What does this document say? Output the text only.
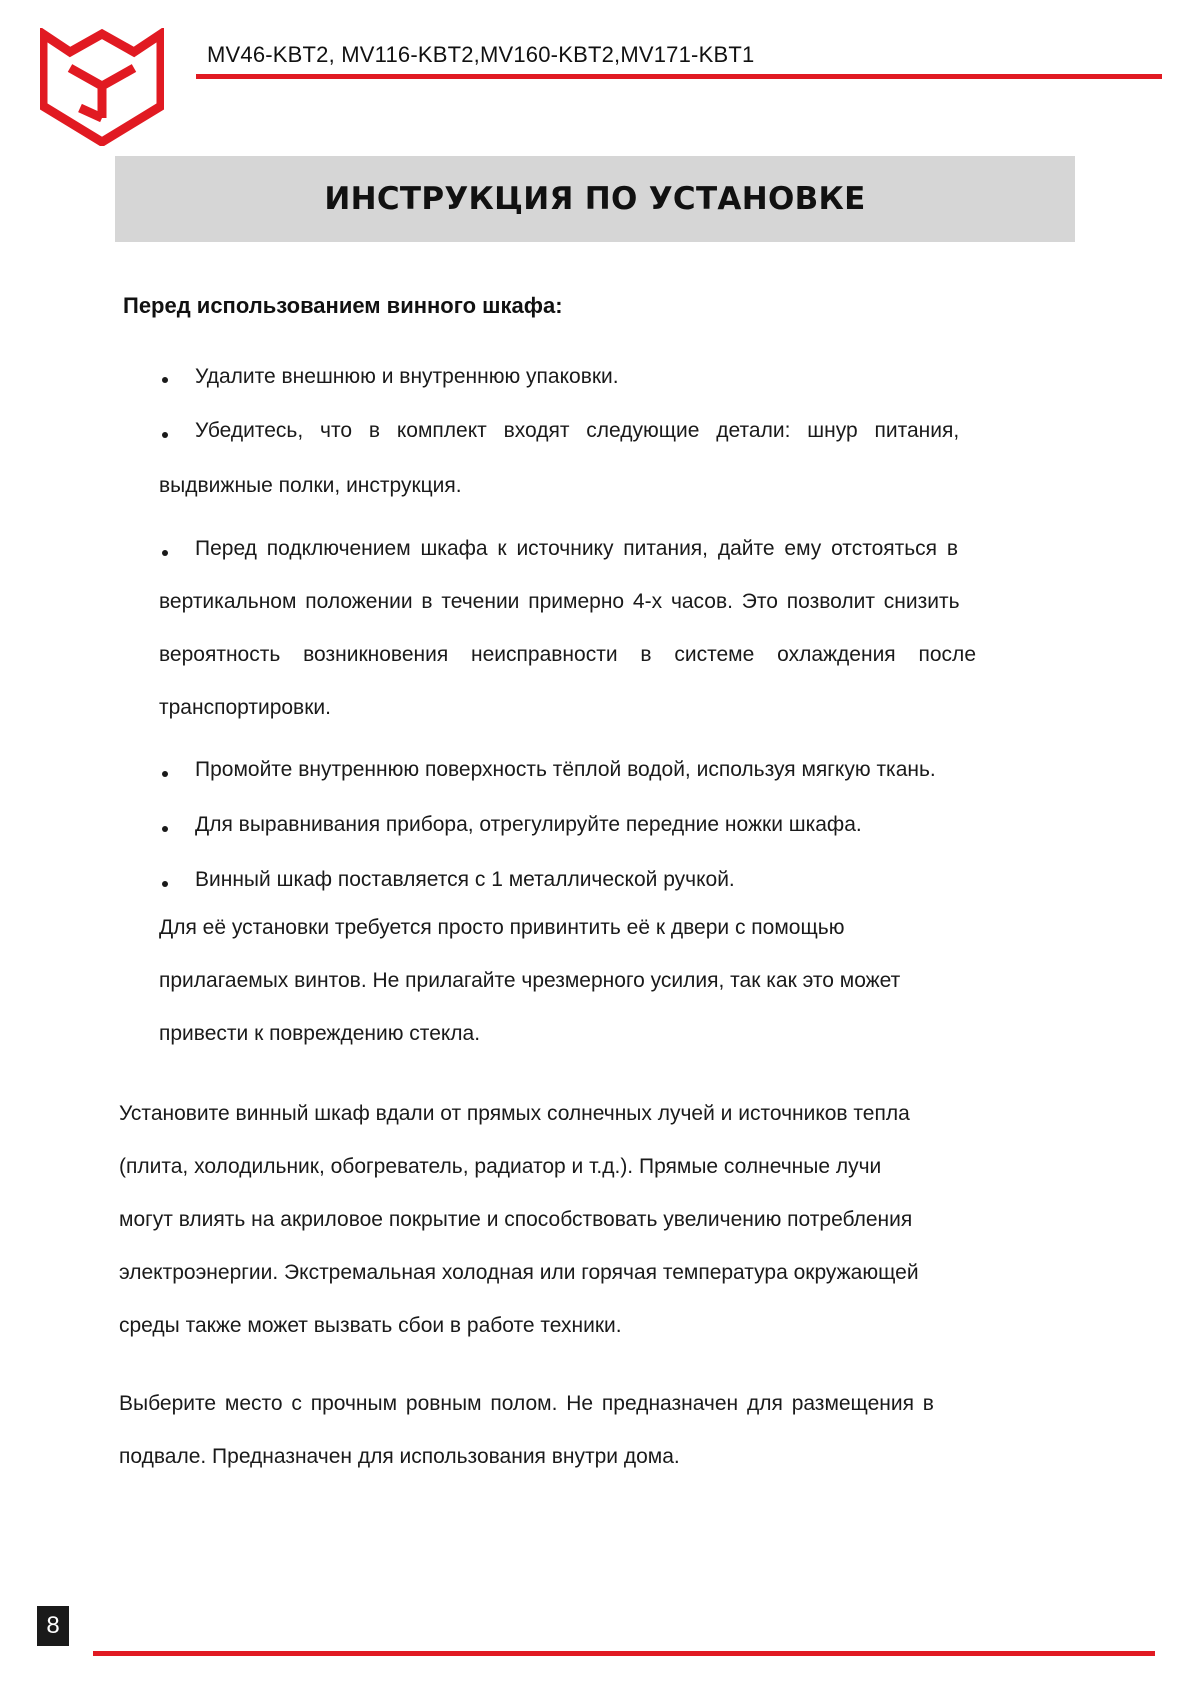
MV46-KBT2, MV116-KBT2,MV160-KBT2,MV171-KBT1
ИНСТРУКЦИЯ ПО УСТАНОВКЕ
Перед использованием винного шкафа:
Удалите внешнюю и внутреннюю упаковки.
Убедитесь, что в комплект входят следующие детали: шнур питания,
выдвижные полки, инструкция.
Перед подключением шкафа к источнику питания, дайте ему отстояться в
вертикальном положении в течении примерно 4-х часов. Это позволит снизить
вероятность возникновения неисправности в системе охлаждения после
транспортировки.
Промойте внутреннюю поверхность тёплой водой, используя мягкую ткань.
Для выравнивания прибора, отрегулируйте передние ножки шкафа.
Винный шкаф поставляется с 1 металлической ручкой.
Для её установки требуется просто привинтить её к двери с помощью
прилагаемых винтов. Не прилагайте чрезмерного усилия, так как это может
привести к повреждению стекла.
Установите винный шкаф вдали от прямых солнечных лучей и источников тепла
(плита, холодильник, обогреватель, радиатор и т.д.). Прямые солнечные лучи
могут влиять на акриловое покрытие и способствовать увеличению потребления
электроэнергии. Экстремальная холодная или горячая температура окружающей
среды также может вызвать сбои в работе техники.
Выберите место с прочным ровным полом. Не предназначен для размещения в
подвале. Предназначен для использования внутри дома.
8
